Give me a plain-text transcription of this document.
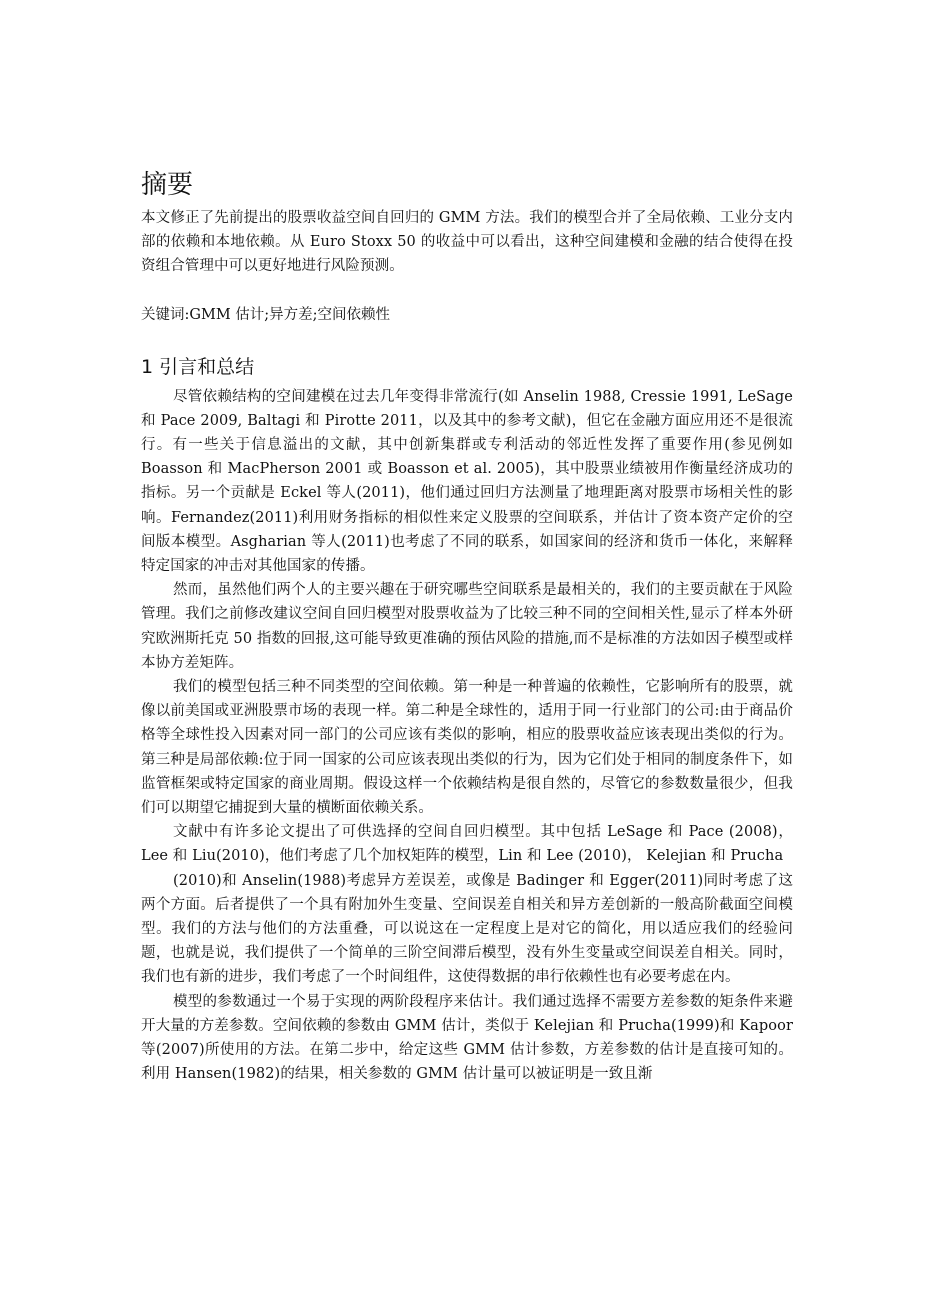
摘要

本文修正了先前提出的股票收益空间自回归的 GMM 方法。我们的模型合并了全局依赖、工业分支内部的依赖和本地依赖。从 Euro Stoxx 50 的收益中可以看出，这种空间建模和金融的结合使得在投资组合管理中可以更好地进行风险预测。

关键词:GMM 估计;异方差;空间依赖性

1 引言和总结

尽管依赖结构的空间建模在过去几年变得非常流行(如 Anselin 1988, Cressie 1991, LeSage 和 Pace 2009, Baltagi 和 Pirotte 2011，以及其中的参考文献)，但它在金融方面应用还不是很流行。有一些关于信息溢出的文献，其中创新集群或专利活动的邻近性发挥了重要作用(参见例如 Boasson 和 MacPherson 2001 或 Boasson et al. 2005)，其中股票业绩被用作衡量经济成功的指标。另一个贡献是 Eckel 等人(2011)，他们通过回归方法测量了地理距离对股票市场相关性的影响。Fernandez(2011)利用财务指标的相似性来定义股票的空间联系，并估计了资本资产定价的空间版本模型。Asgharian 等人(2011)也考虑了不同的联系，如国家间的经济和货币一体化，来解释特定国家的冲击对其他国家的传播。

然而，虽然他们两个人的主要兴趣在于研究哪些空间联系是最相关的，我们的主要贡献在于风险管理。我们之前修改建议空间自回归模型对股票收益为了比较三种不同的空间相关性,显示了样本外研究欧洲斯托克 50 指数的回报,这可能导致更准确的预估风险的措施,而不是标准的方法如因子模型或样本协方差矩阵。

我们的模型包括三种不同类型的空间依赖。第一种是一种普遍的依赖性，它影响所有的股票，就像以前美国或亚洲股票市场的表现一样。第二种是全球性的，适用于同一行业部门的公司:由于商品价格等全球性投入因素对同一部门的公司应该有类似的影响，相应的股票收益应该表现出类似的行为。第三种是局部依赖:位于同一国家的公司应该表现出类似的行为，因为它们处于相同的制度条件下，如监管框架或特定国家的商业周期。假设这样一个依赖结构是很自然的，尽管它的参数数量很少，但我们可以期望它捕捉到大量的横断面依赖关系。

文献中有许多论文提出了可供选择的空间自回归模型。其中包括 LeSage 和 Pace (2008)，Lee 和 Liu(2010)，他们考虑了几个加权矩阵的模型，Lin 和 Lee (2010)， Kelejian 和 Prucha

(2010)和 Anselin(1988)考虑异方差误差，或像是 Badinger 和 Egger(2011)同时考虑了这两个方面。后者提供了一个具有附加外生变量、空间误差自相关和异方差创新的一般高阶截面空间模型。我们的方法与他们的方法重叠，可以说这在一定程度上是对它的简化，用以适应我们的经验问题，也就是说，我们提供了一个简单的三阶空间滞后模型，没有外生变量或空间误差自相关。同时，我们也有新的进步，我们考虑了一个时间组件，这使得数据的串行依赖性也有必要考虑在内。

模型的参数通过一个易于实现的两阶段程序来估计。我们通过选择不需要方差参数的矩条件来避开大量的方差参数。空间依赖的参数由 GMM 估计，类似于 Kelejian 和 Prucha(1999)和 Kapoor 等(2007)所使用的方法。在第二步中，给定这些 GMM 估计参数，方差参数的估计是直接可知的。利用 Hansen(1982)的结果，相关参数的 GMM 估计量可以被证明是一致且渐
